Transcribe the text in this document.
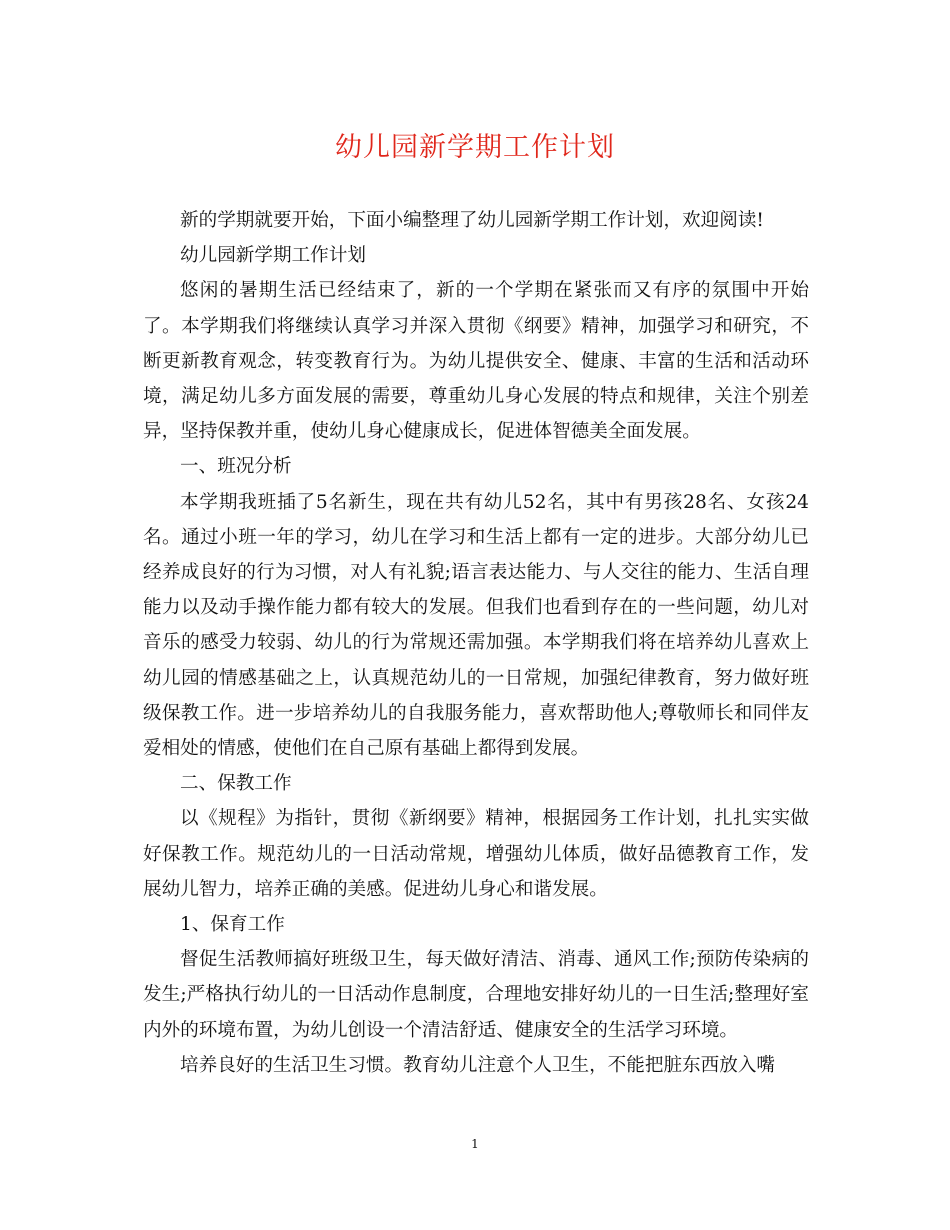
幼儿园新学期工作计划

新的学期就要开始，下面小编整理了幼儿园新学期工作计划，欢迎阅读!

幼儿园新学期工作计划

悠闲的暑期生活已经结束了，新的一个学期在紧张而又有序的氛围中开始了。本学期我们将继续认真学习并深入贯彻《纲要》精神，加强学习和研究，不断更新教育观念，转变教育行为。为幼儿提供安全、健康、丰富的生活和活动环境，满足幼儿多方面发展的需要，尊重幼儿身心发展的特点和规律，关注个别差异，坚持保教并重，使幼儿身心健康成长，促进体智德美全面发展。

一、班况分析

本学期我班插了5名新生，现在共有幼儿52名，其中有男孩28名、女孩24名。通过小班一年的学习，幼儿在学习和生活上都有一定的进步。大部分幼儿已经养成良好的行为习惯，对人有礼貌;语言表达能力、与人交往的能力、生活自理能力以及动手操作能力都有较大的发展。但我们也看到存在的一些问题，幼儿对音乐的感受力较弱、幼儿的行为常规还需加强。本学期我们将在培养幼儿喜欢上幼儿园的情感基础之上，认真规范幼儿的一日常规，加强纪律教育，努力做好班级保教工作。进一步培养幼儿的自我服务能力，喜欢帮助他人;尊敬师长和同伴友爱相处的情感，使他们在自己原有基础上都得到发展。

二、保教工作

以《规程》为指针，贯彻《新纲要》精神，根据园务工作计划，扎扎实实做好保教工作。规范幼儿的一日活动常规，增强幼儿体质，做好品德教育工作，发展幼儿智力，培养正确的美感。促进幼儿身心和谐发展。

1、保育工作

督促生活教师搞好班级卫生，每天做好清洁、消毒、通风工作;预防传染病的发生;严格执行幼儿的一日活动作息制度，合理地安排好幼儿的一日生活;整理好室内外的环境布置，为幼儿创设一个清洁舒适、健康安全的生活学习环境。

培养良好的生活卫生习惯。教育幼儿注意个人卫生，不能把脏东西放入嘴

1
